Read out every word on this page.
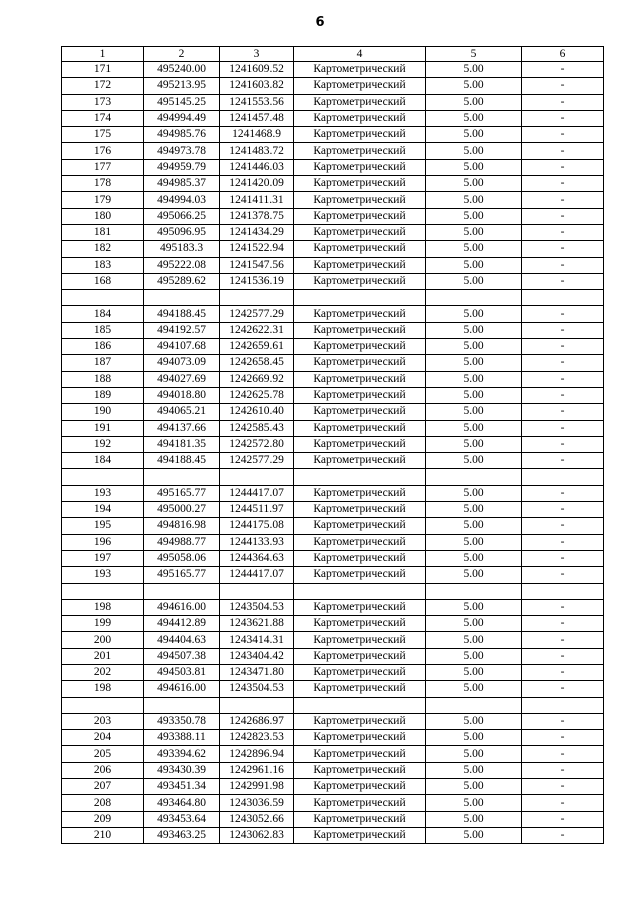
6
1	2	3	4	5	6
171	495240.00	1241609.52	Картометрический	5.00	-
172	495213.95	1241603.82	Картометрический	5.00	-
173	495145.25	1241553.56	Картометрический	5.00	-
174	494994.49	1241457.48	Картометрический	5.00	-
175	494985.76	1241468.9	Картометрический	5.00	-
176	494973.78	1241483.72	Картометрический	5.00	-
177	494959.79	1241446.03	Картометрический	5.00	-
178	494985.37	1241420.09	Картометрический	5.00	-
179	494994.03	1241411.31	Картометрический	5.00	-
180	495066.25	1241378.75	Картометрический	5.00	-
181	495096.95	1241434.29	Картометрический	5.00	-
182	495183.3	1241522.94	Картометрический	5.00	-
183	495222.08	1241547.56	Картометрический	5.00	-
168	495289.62	1241536.19	Картометрический	5.00	-

184	494188.45	1242577.29	Картометрический	5.00	-
185	494192.57	1242622.31	Картометрический	5.00	-
186	494107.68	1242659.61	Картометрический	5.00	-
187	494073.09	1242658.45	Картометрический	5.00	-
188	494027.69	1242669.92	Картометрический	5.00	-
189	494018.80	1242625.78	Картометрический	5.00	-
190	494065.21	1242610.40	Картометрический	5.00	-
191	494137.66	1242585.43	Картометрический	5.00	-
192	494181.35	1242572.80	Картометрический	5.00	-
184	494188.45	1242577.29	Картометрический	5.00	-

193	495165.77	1244417.07	Картометрический	5.00	-
194	495000.27	1244511.97	Картометрический	5.00	-
195	494816.98	1244175.08	Картометрический	5.00	-
196	494988.77	1244133.93	Картометрический	5.00	-
197	495058.06	1244364.63	Картометрический	5.00	-
193	495165.77	1244417.07	Картометрический	5.00	-

198	494616.00	1243504.53	Картометрический	5.00	-
199	494412.89	1243621.88	Картометрический	5.00	-
200	494404.63	1243414.31	Картометрический	5.00	-
201	494507.38	1243404.42	Картометрический	5.00	-
202	494503.81	1243471.80	Картометрический	5.00	-
198	494616.00	1243504.53	Картометрический	5.00	-

203	493350.78	1242686.97	Картометрический	5.00	-
204	493388.11	1242823.53	Картометрический	5.00	-
205	493394.62	1242896.94	Картометрический	5.00	-
206	493430.39	1242961.16	Картометрический	5.00	-
207	493451.34	1242991.98	Картометрический	5.00	-
208	493464.80	1243036.59	Картометрический	5.00	-
209	493453.64	1243052.66	Картометрический	5.00	-
210	493463.25	1243062.83	Картометрический	5.00	-
